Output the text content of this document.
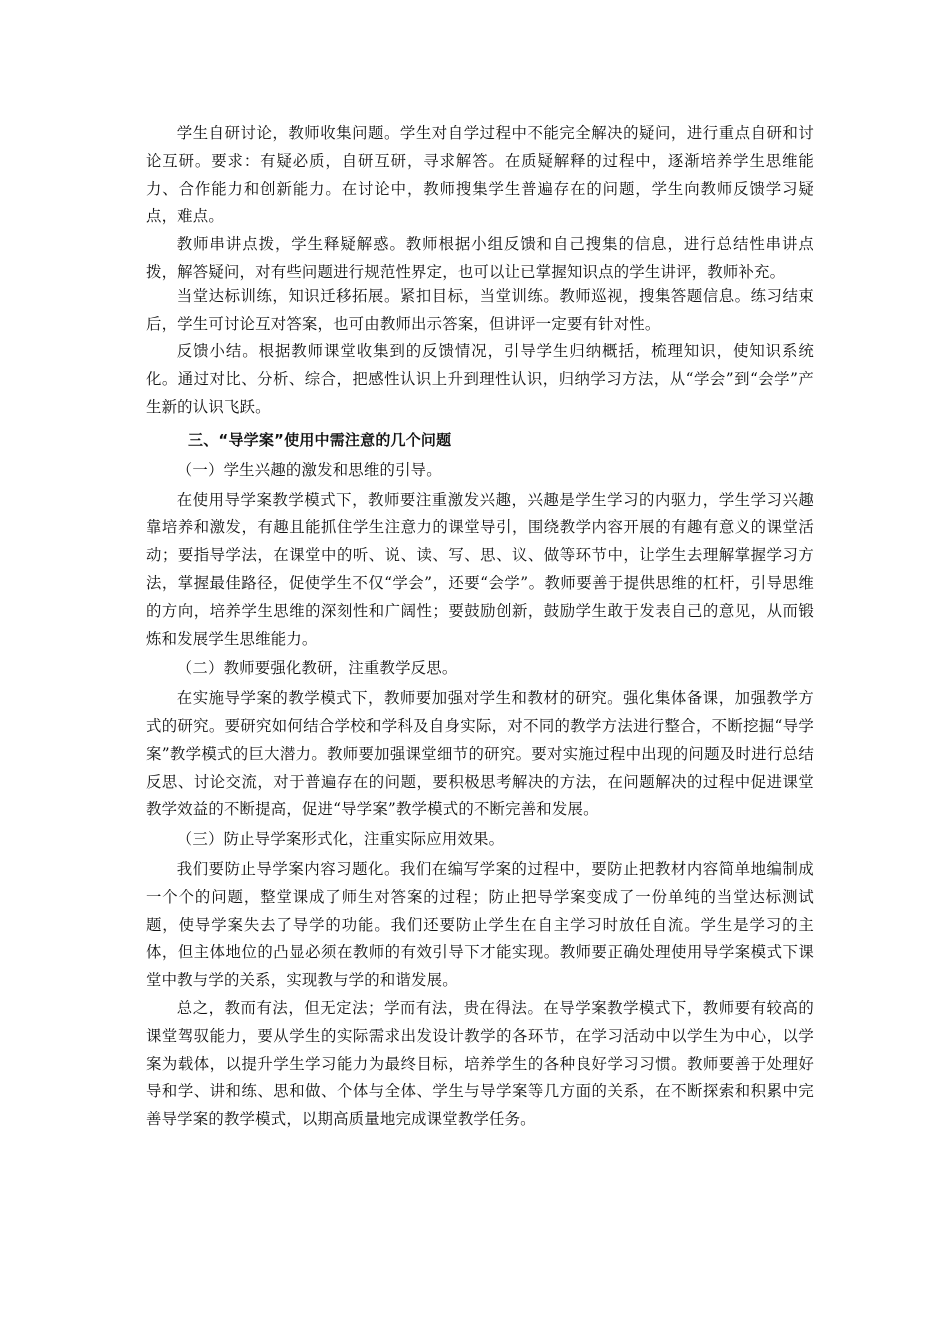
学生自研讨论，教师收集问题。学生对自学过程中不能完全解决的疑问，进行重点自研和讨论互研。要求：有疑必质，自研互研，寻求解答。在质疑解释的过程中，逐渐培养学生思维能力、合作能力和创新能力。在讨论中，教师搜集学生普遍存在的问题，学生向教师反馈学习疑点，难点。

教师串讲点拨，学生释疑解惑。教师根据小组反馈和自己搜集的信息，进行总结性串讲点拨，解答疑问，对有些问题进行规范性界定，也可以让已掌握知识点的学生讲评，教师补充。

当堂达标训练，知识迁移拓展。紧扣目标，当堂训练。教师巡视，搜集答题信息。练习结束后，学生可讨论互对答案，也可由教师出示答案，但讲评一定要有针对性。

反馈小结。根据教师课堂收集到的反馈情况，引导学生归纳概括，梳理知识，使知识系统化。通过对比、分析、综合，把感性认识上升到理性认识，归纳学习方法，从“学会”到“会学”产生新的认识飞跃。

三、“导学案”使用中需注意的几个问题

（一）学生兴趣的激发和思维的引导。

在使用导学案教学模式下，教师要注重激发兴趣，兴趣是学生学习的内驱力，学生学习兴趣靠培养和激发，有趣且能抓住学生注意力的课堂导引，围绕教学内容开展的有趣有意义的课堂活动；要指导学法，在课堂中的听、说、读、写、思、议、做等环节中，让学生去理解掌握学习方法，掌握最佳路径，促使学生不仅“学会”，还要“会学”。教师要善于提供思维的杠杆，引导思维的方向，培养学生思维的深刻性和广阔性；要鼓励创新，鼓励学生敢于发表自己的意见，从而锻炼和发展学生思维能力。

（二）教师要强化教研，注重教学反思。

在实施导学案的教学模式下，教师要加强对学生和教材的研究。强化集体备课，加强教学方式的研究。要研究如何结合学校和学科及自身实际，对不同的教学方法进行整合，不断挖掘“导学案”教学模式的巨大潜力。教师要加强课堂细节的研究。要对实施过程中出现的问题及时进行总结反思、讨论交流，对于普遍存在的问题，要积极思考解决的方法，在问题解决的过程中促进课堂教学效益的不断提高，促进“导学案”教学模式的不断完善和发展。

（三）防止导学案形式化，注重实际应用效果。

我们要防止导学案内容习题化。我们在编写学案的过程中，要防止把教材内容简单地编制成一个个的问题，整堂课成了师生对答案的过程；防止把导学案变成了一份单纯的当堂达标测试题，使导学案失去了导学的功能。我们还要防止学生在自主学习时放任自流。学生是学习的主体，但主体地位的凸显必须在教师的有效引导下才能实现。教师要正确处理使用导学案模式下课堂中教与学的关系，实现教与学的和谐发展。

总之，教而有法，但无定法；学而有法，贵在得法。在导学案教学模式下，教师要有较高的课堂驾驭能力，要从学生的实际需求出发设计教学的各环节，在学习活动中以学生为中心，以学案为载体，以提升学生学习能力为最终目标，培养学生的各种良好学习习惯。教师要善于处理好导和学、讲和练、思和做、个体与全体、学生与导学案等几方面的关系，在不断探索和积累中完善导学案的教学模式，以期高质量地完成课堂教学任务。
